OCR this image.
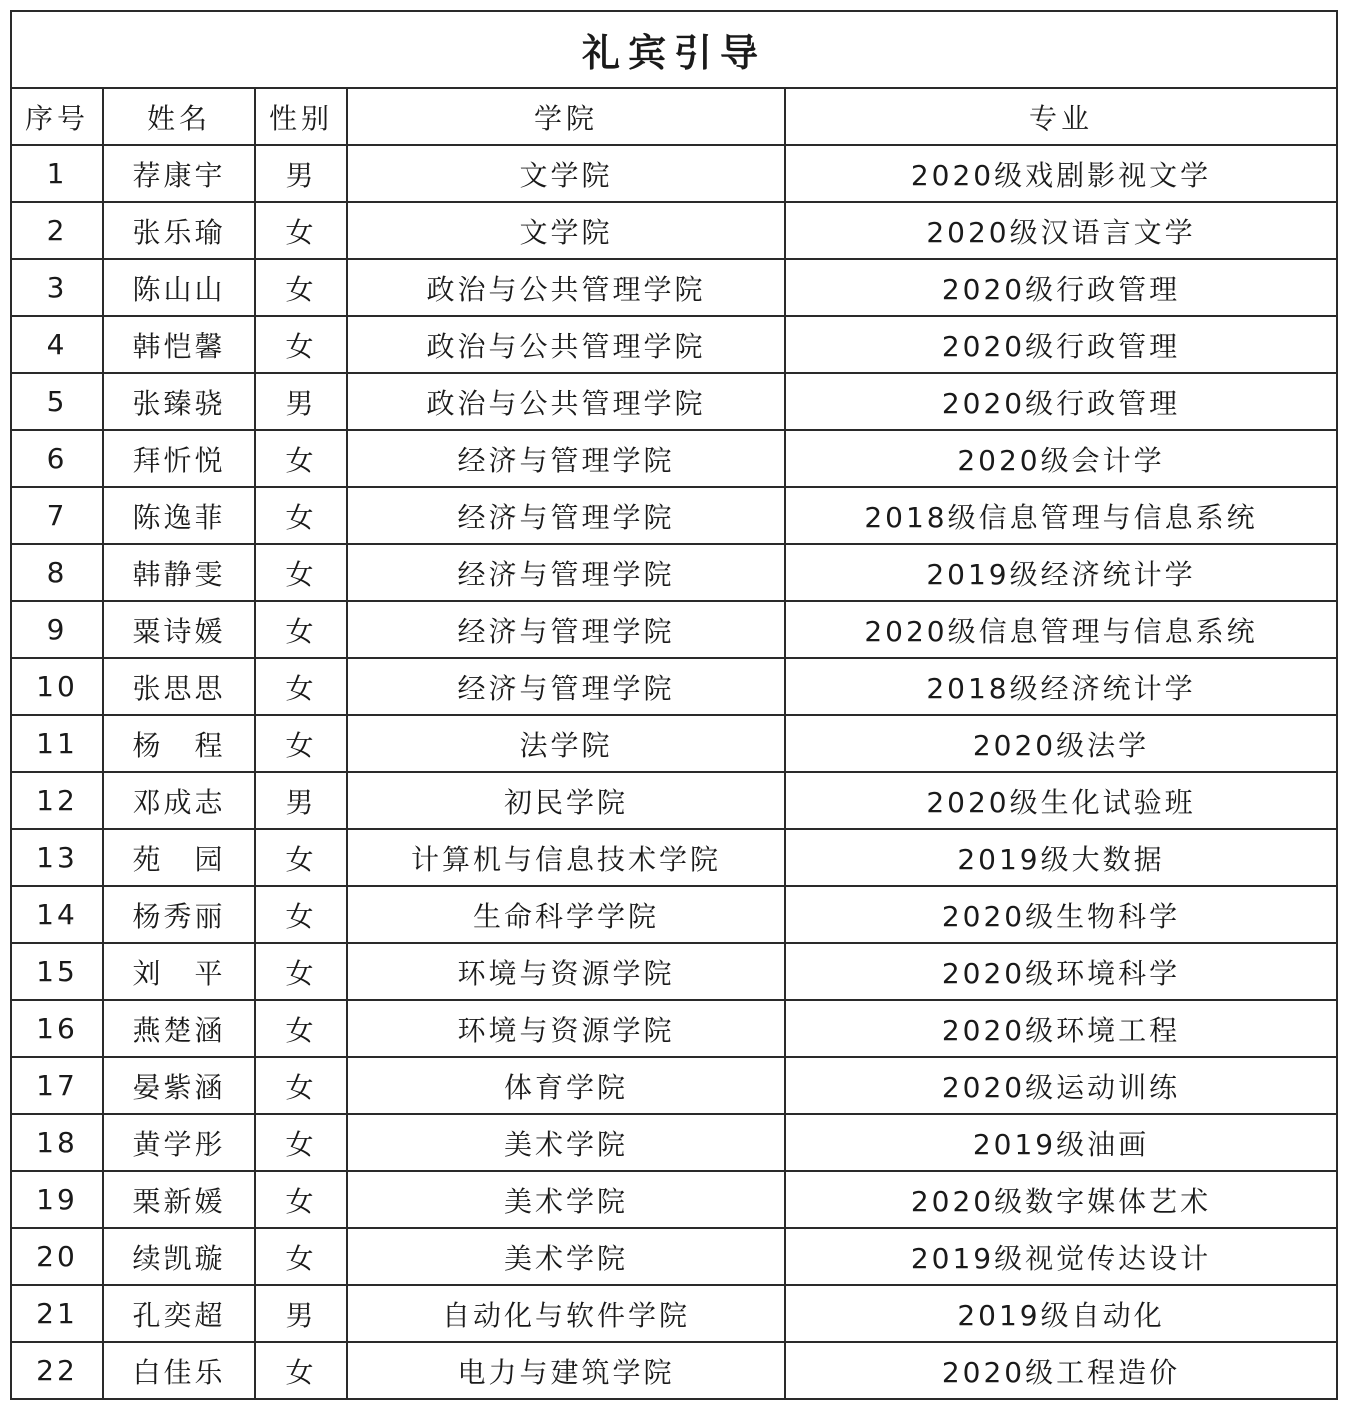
礼宾引导				
序号	姓名	性别	学院	专业
1	荐康宇	男	文学院	2020级戏剧影视文学
2	张乐瑜	女	文学院	2020级汉语言文学
3	陈山山	女	政治与公共管理学院	2020级行政管理
4	韩恺馨	女	政治与公共管理学院	2020级行政管理
5	张臻骁	男	政治与公共管理学院	2020级行政管理
6	拜忻悦	女	经济与管理学院	2020级会计学
7	陈逸菲	女	经济与管理学院	2018级信息管理与信息系统
8	韩静雯	女	经济与管理学院	2019级经济统计学
9	粟诗媛	女	经济与管理学院	2020级信息管理与信息系统
10	张思思	女	经济与管理学院	2018级经济统计学
11	杨　程	女	法学院	2020级法学
12	邓成志	男	初民学院	2020级生化试验班
13	苑　园	女	计算机与信息技术学院	2019级大数据
14	杨秀丽	女	生命科学学院	2020级生物科学
15	刘　平	女	环境与资源学院	2020级环境科学
16	燕楚涵	女	环境与资源学院	2020级环境工程
17	晏紫涵	女	体育学院	2020级运动训练
18	黄学彤	女	美术学院	2019级油画
19	栗新媛	女	美术学院	2020级数字媒体艺术
20	续凯璇	女	美术学院	2019级视觉传达设计
21	孔奕超	男	自动化与软件学院	2019级自动化
22	白佳乐	女	电力与建筑学院	2020级工程造价
